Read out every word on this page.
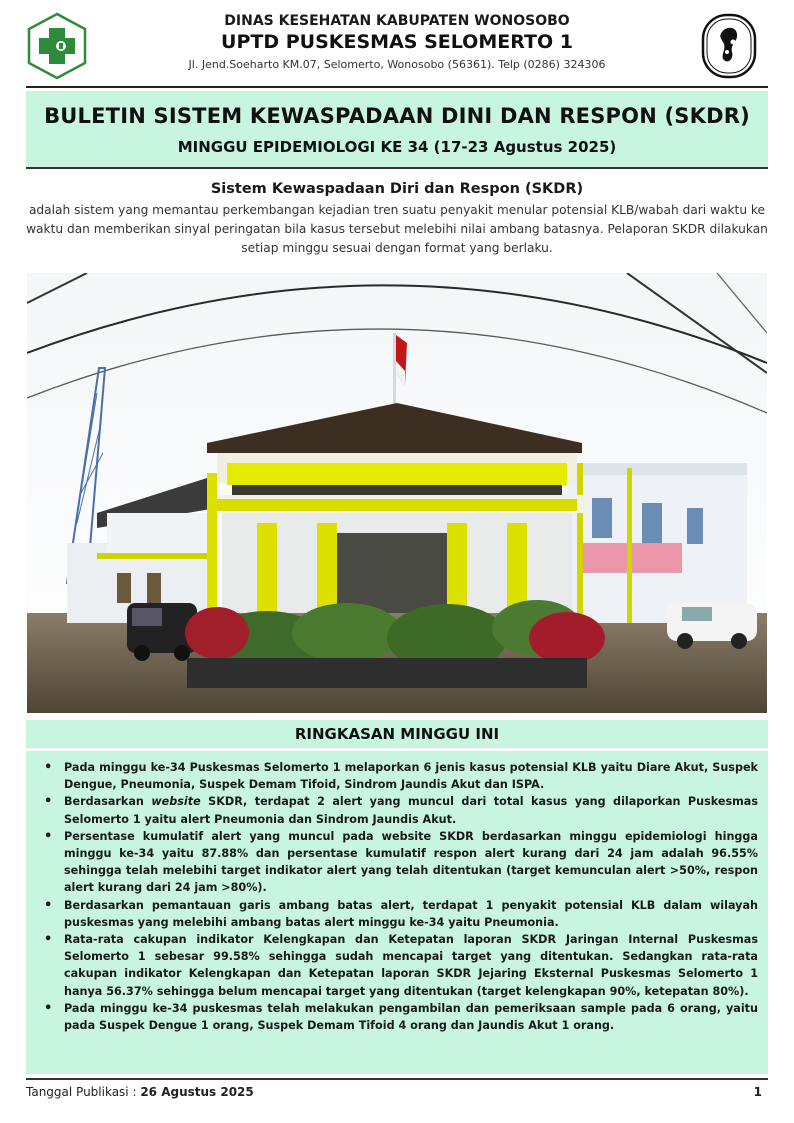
DINAS KESEHATAN KABUPATEN WONOSOBO
UPTD PUSKESMAS SELOMERTO 1
Jl. Jend.Soeharto KM.07, Selomerto, Wonosobo (56361). Telp (0286) 324306
BULETIN SISTEM KEWASPADAAN DINI DAN RESPON (SKDR)
MINGGU EPIDEMIOLOGI KE 34 (17-23 Agustus 2025)
Sistem Kewaspadaan Diri dan Respon (SKDR)
adalah sistem yang memantau perkembangan kejadian tren suatu penyakit menular potensial KLB/wabah dari waktu ke waktu dan memberikan sinyal peringatan bila kasus tersebut melebihi nilai ambang batasnya. Pelaporan SKDR dilakukan setiap minggu sesuai dengan format yang berlaku.
RINGKASAN MINGGU INI
• Pada minggu ke-34 Puskesmas Selomerto 1 melaporkan 6 jenis kasus potensial KLB yaitu Diare Akut, Suspek Dengue, Pneumonia, Suspek Demam Tifoid, Sindrom Jaundis Akut dan ISPA.
• Berdasarkan website SKDR, terdapat 2 alert yang muncul dari total kasus yang dilaporkan Puskesmas Selomerto 1 yaitu alert Pneumonia dan Sindrom Jaundis Akut.
• Persentase kumulatif alert yang muncul pada website SKDR berdasarkan minggu epidemiologi hingga minggu ke-34 yaitu 87.88% dan persentase kumulatif respon alert kurang dari 24 jam adalah 96.55% sehingga telah melebihi target indikator alert yang telah ditentukan (target kemunculan alert >50%, respon alert kurang dari 24 jam >80%).
• Berdasarkan pemantauan garis ambang batas alert, terdapat 1 penyakit potensial KLB dalam wilayah puskesmas yang melebihi ambang batas alert minggu ke-34 yaitu Pneumonia.
• Rata-rata cakupan indikator Kelengkapan dan Ketepatan laporan SKDR Jaringan Internal Puskesmas Selomerto 1 sebesar 99.58% sehingga sudah mencapai target yang ditentukan. Sedangkan rata-rata cakupan indikator Kelengkapan dan Ketepatan laporan SKDR Jejaring Eksternal Puskesmas Selomerto 1 hanya 56.37% sehingga belum mencapai target yang ditentukan (target kelengkapan 90%, ketepatan 80%).
• Pada minggu ke-34 puskesmas telah melakukan pengambilan dan pemeriksaan sample pada 6 orang, yaitu pada Suspek Dengue 1 orang, Suspek Demam Tifoid 4 orang dan Jaundis Akut 1 orang.
Tanggal Publikasi : 26 Agustus 2025	1
